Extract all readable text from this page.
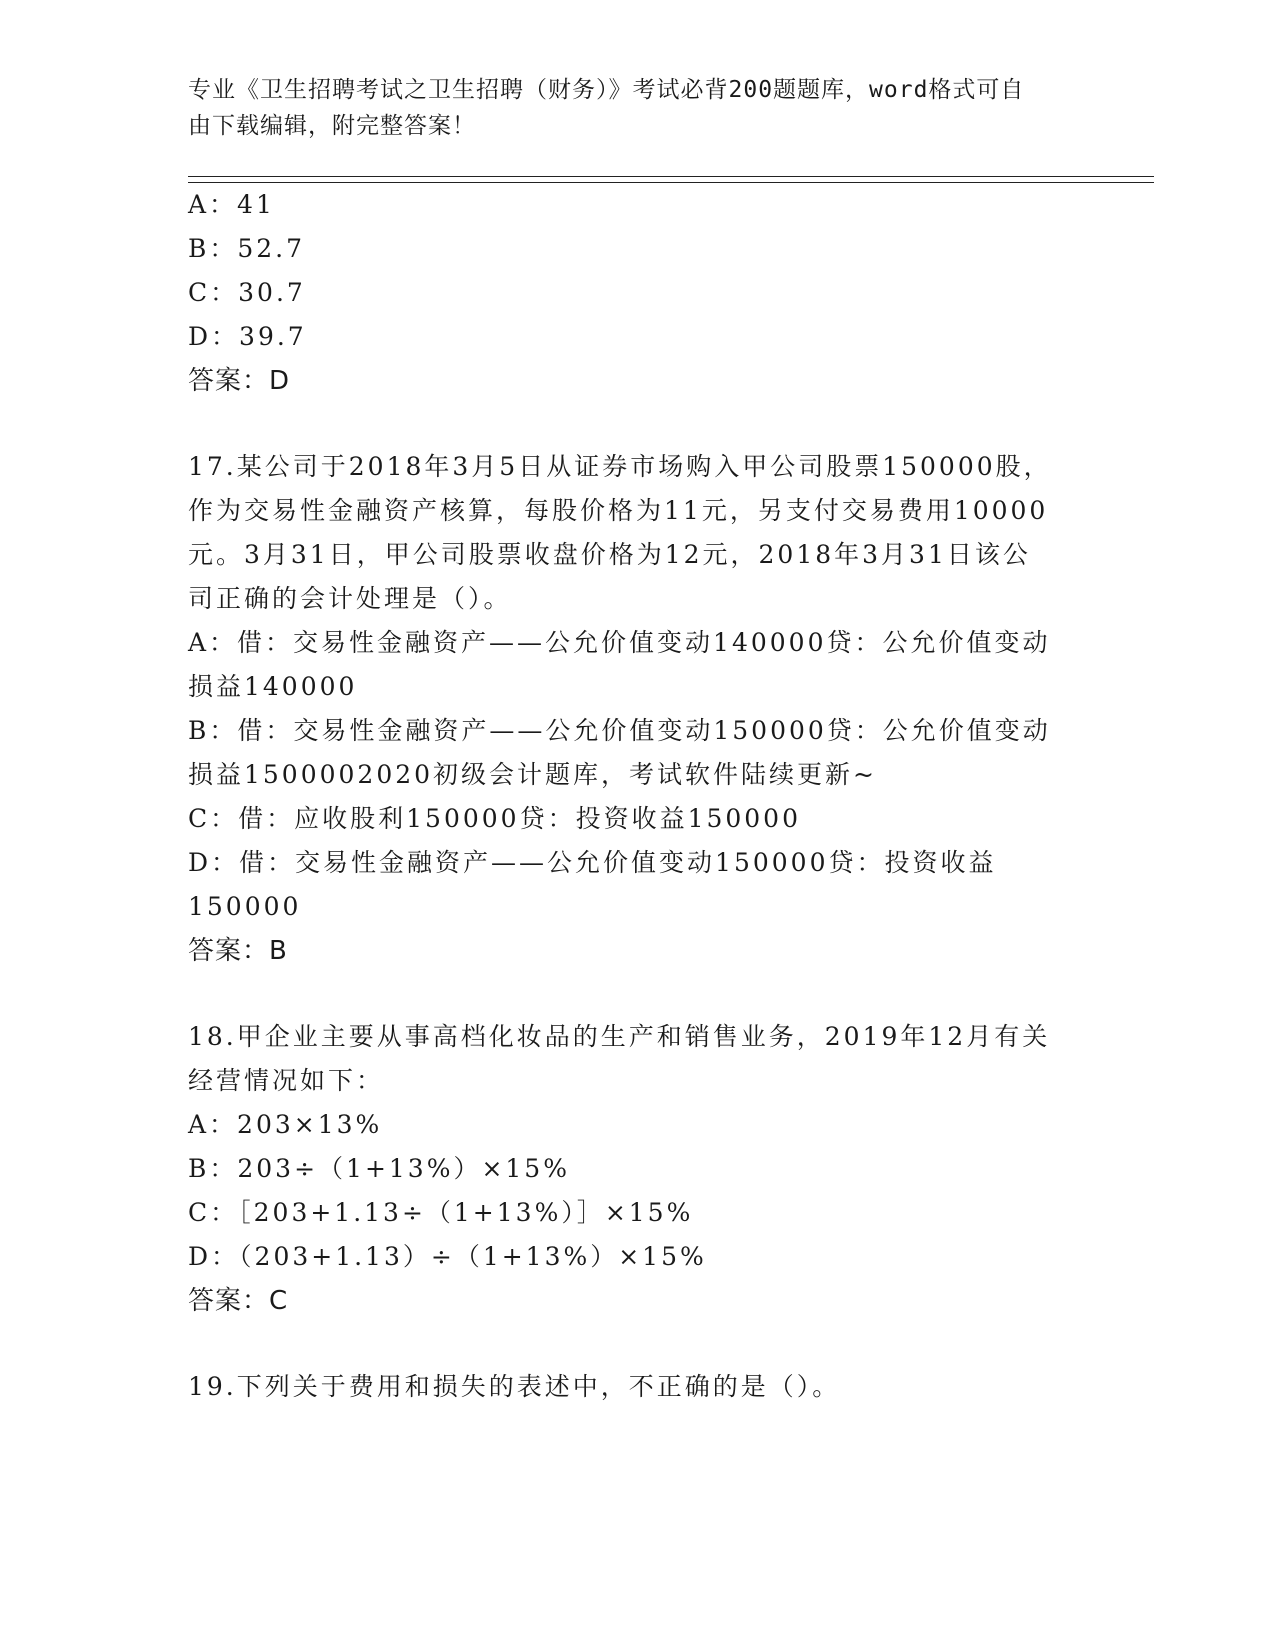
专业《卫生招聘考试之卫生招聘（财务）》考试必背200题题库，word格式可自
由下载编辑，附完整答案！
A：41
B：52.7
C：30.7
D：39.7
答案：D
17.某公司于2018年3月5日从证券市场购入甲公司股票150000股，
作为交易性金融资产核算，每股价格为11元，另支付交易费用10000
元。3月31日，甲公司股票收盘价格为12元，2018年3月31日该公
司正确的会计处理是（）。
A：借：交易性金融资产——公允价值变动140000贷：公允价值变动
损益140000
B：借：交易性金融资产——公允价值变动150000贷：公允价值变动
损益1500002020初级会计题库，考试软件陆续更新~
C：借：应收股利150000贷：投资收益150000
D：借：交易性金融资产——公允价值变动150000贷：投资收益
150000
答案：B
18.甲企业主要从事高档化妆品的生产和销售业务，2019年12月有关
经营情况如下：
A：203×13%
B：203÷（1+13%）×15%
C：［203+1.13÷（1+13%）］×15%
D：（203+1.13）÷（1+13%）×15%
答案：C
19.下列关于费用和损失的表述中，不正确的是（）。
